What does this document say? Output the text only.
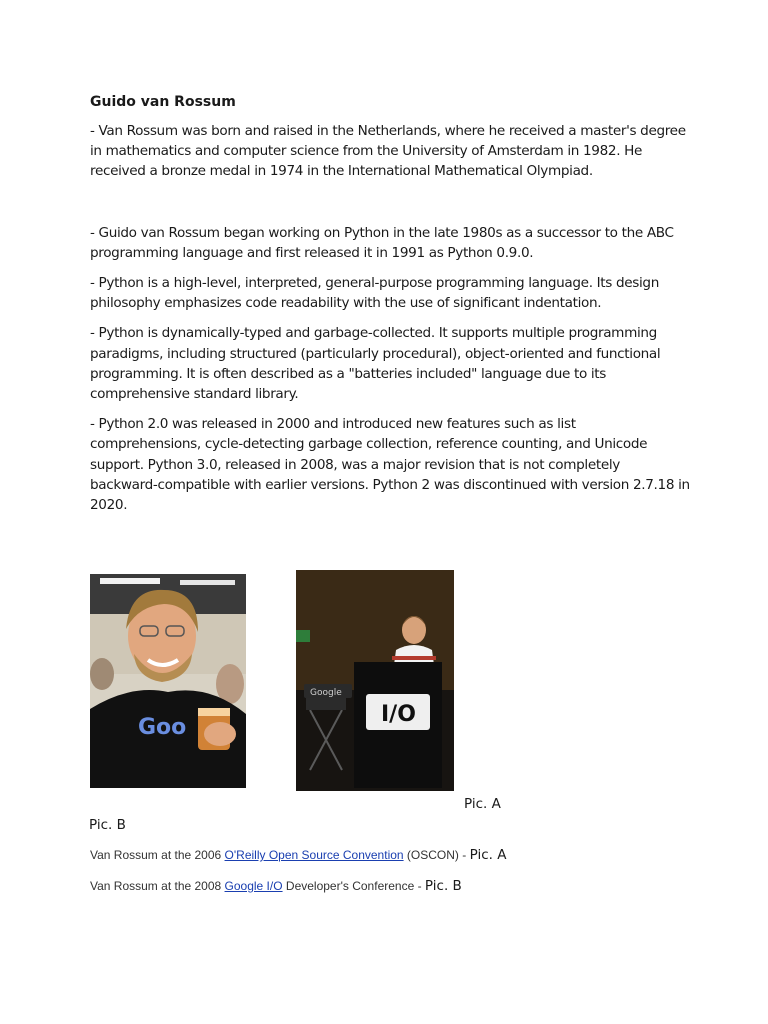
Guido van Rossum

- Van Rossum was born and raised in the Netherlands, where he received a master's degree in mathematics and computer science from the University of Amsterdam in 1982. He received a bronze medal in 1974 in the International Mathematical Olympiad.

- Guido van Rossum began working on Python in the late 1980s as a successor to the ABC programming language and first released it in 1991 as Python 0.9.0.

- Python is a high-level, interpreted, general-purpose programming language. Its design philosophy emphasizes code readability with the use of significant indentation.

- Python is dynamically-typed and garbage-collected. It supports multiple programming paradigms, including structured (particularly procedural), object-oriented and functional programming. It is often described as a "batteries included" language due to its comprehensive standard library.

- Python 2.0 was released in 2000 and introduced new features such as list comprehensions, cycle-detecting garbage collection, reference counting, and Unicode support. Python 3.0, released in 2008, was a major revision that is not completely backward-compatible with earlier versions. Python 2 was discontinued with version 2.7.18 in 2020.

Goo
I/O
Google
Pic. A
Pic. B
Van Rossum at the 2006 O'Reilly Open Source Convention (OSCON) - Pic. A
Van Rossum at the 2008 Google I/O Developer's Conference - Pic. B
